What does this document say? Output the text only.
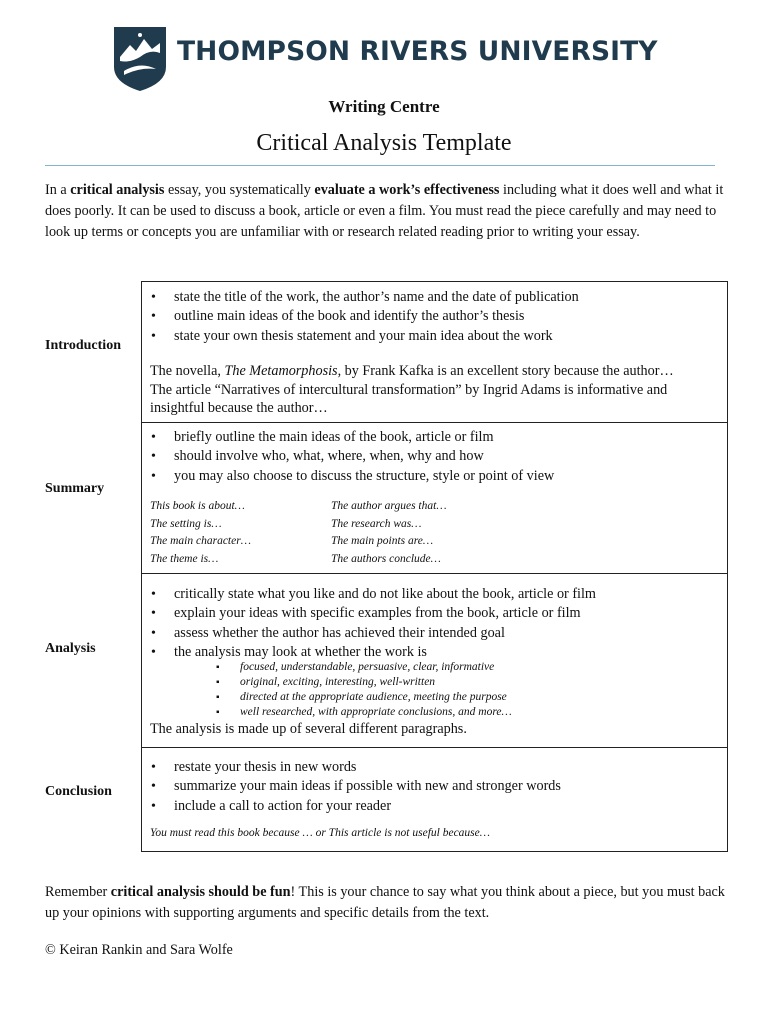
THOMPSON RIVERS UNIVERSITY
Writing Centre
Critical Analysis Template
In a critical analysis essay, you systematically evaluate a work’s effectiveness including what it does well and what it does poorly. It can be used to discuss a book, article or even a film. You must read the piece carefully and may need to look up terms or concepts you are unfamiliar with or research related reading prior to writing your essay.
Introduction
• state the title of the work, the author’s name and the date of publication
• outline main ideas of the book and identify the author’s thesis
• state your own thesis statement and your main idea about the work
The novella, The Metamorphosis, by Frank Kafka is an excellent story because the author…
The article “Narratives of intercultural transformation” by Ingrid Adams is informative and insightful because the author…
Summary
• briefly outline the main ideas of the book, article or film
• should involve who, what, where, when, why and how
• you may also choose to discuss the structure, style or point of view
This book is about…
The setting is…
The main character…
The theme is…
The author argues that…
The research was…
The main points are…
The authors conclude…
Analysis
• critically state what you like and do not like about the book, article or film
• explain your ideas with specific examples from the book, article or film
• assess whether the author has achieved their intended goal
• the analysis may look at whether the work is
▪ focused, understandable, persuasive, clear, informative
▪ original, exciting, interesting, well-written
▪ directed at the appropriate audience, meeting the purpose
▪ well researched, with appropriate conclusions, and more…
The analysis is made up of several different paragraphs.
Conclusion
• restate your thesis in new words
• summarize your main ideas if possible with new and stronger words
• include a call to action for your reader
You must read this book because … or This article is not useful because…
Remember critical analysis should be fun! This is your chance to say what you think about a piece, but you must back up your opinions with supporting arguments and specific details from the text.
© Keiran Rankin and Sara Wolfe
